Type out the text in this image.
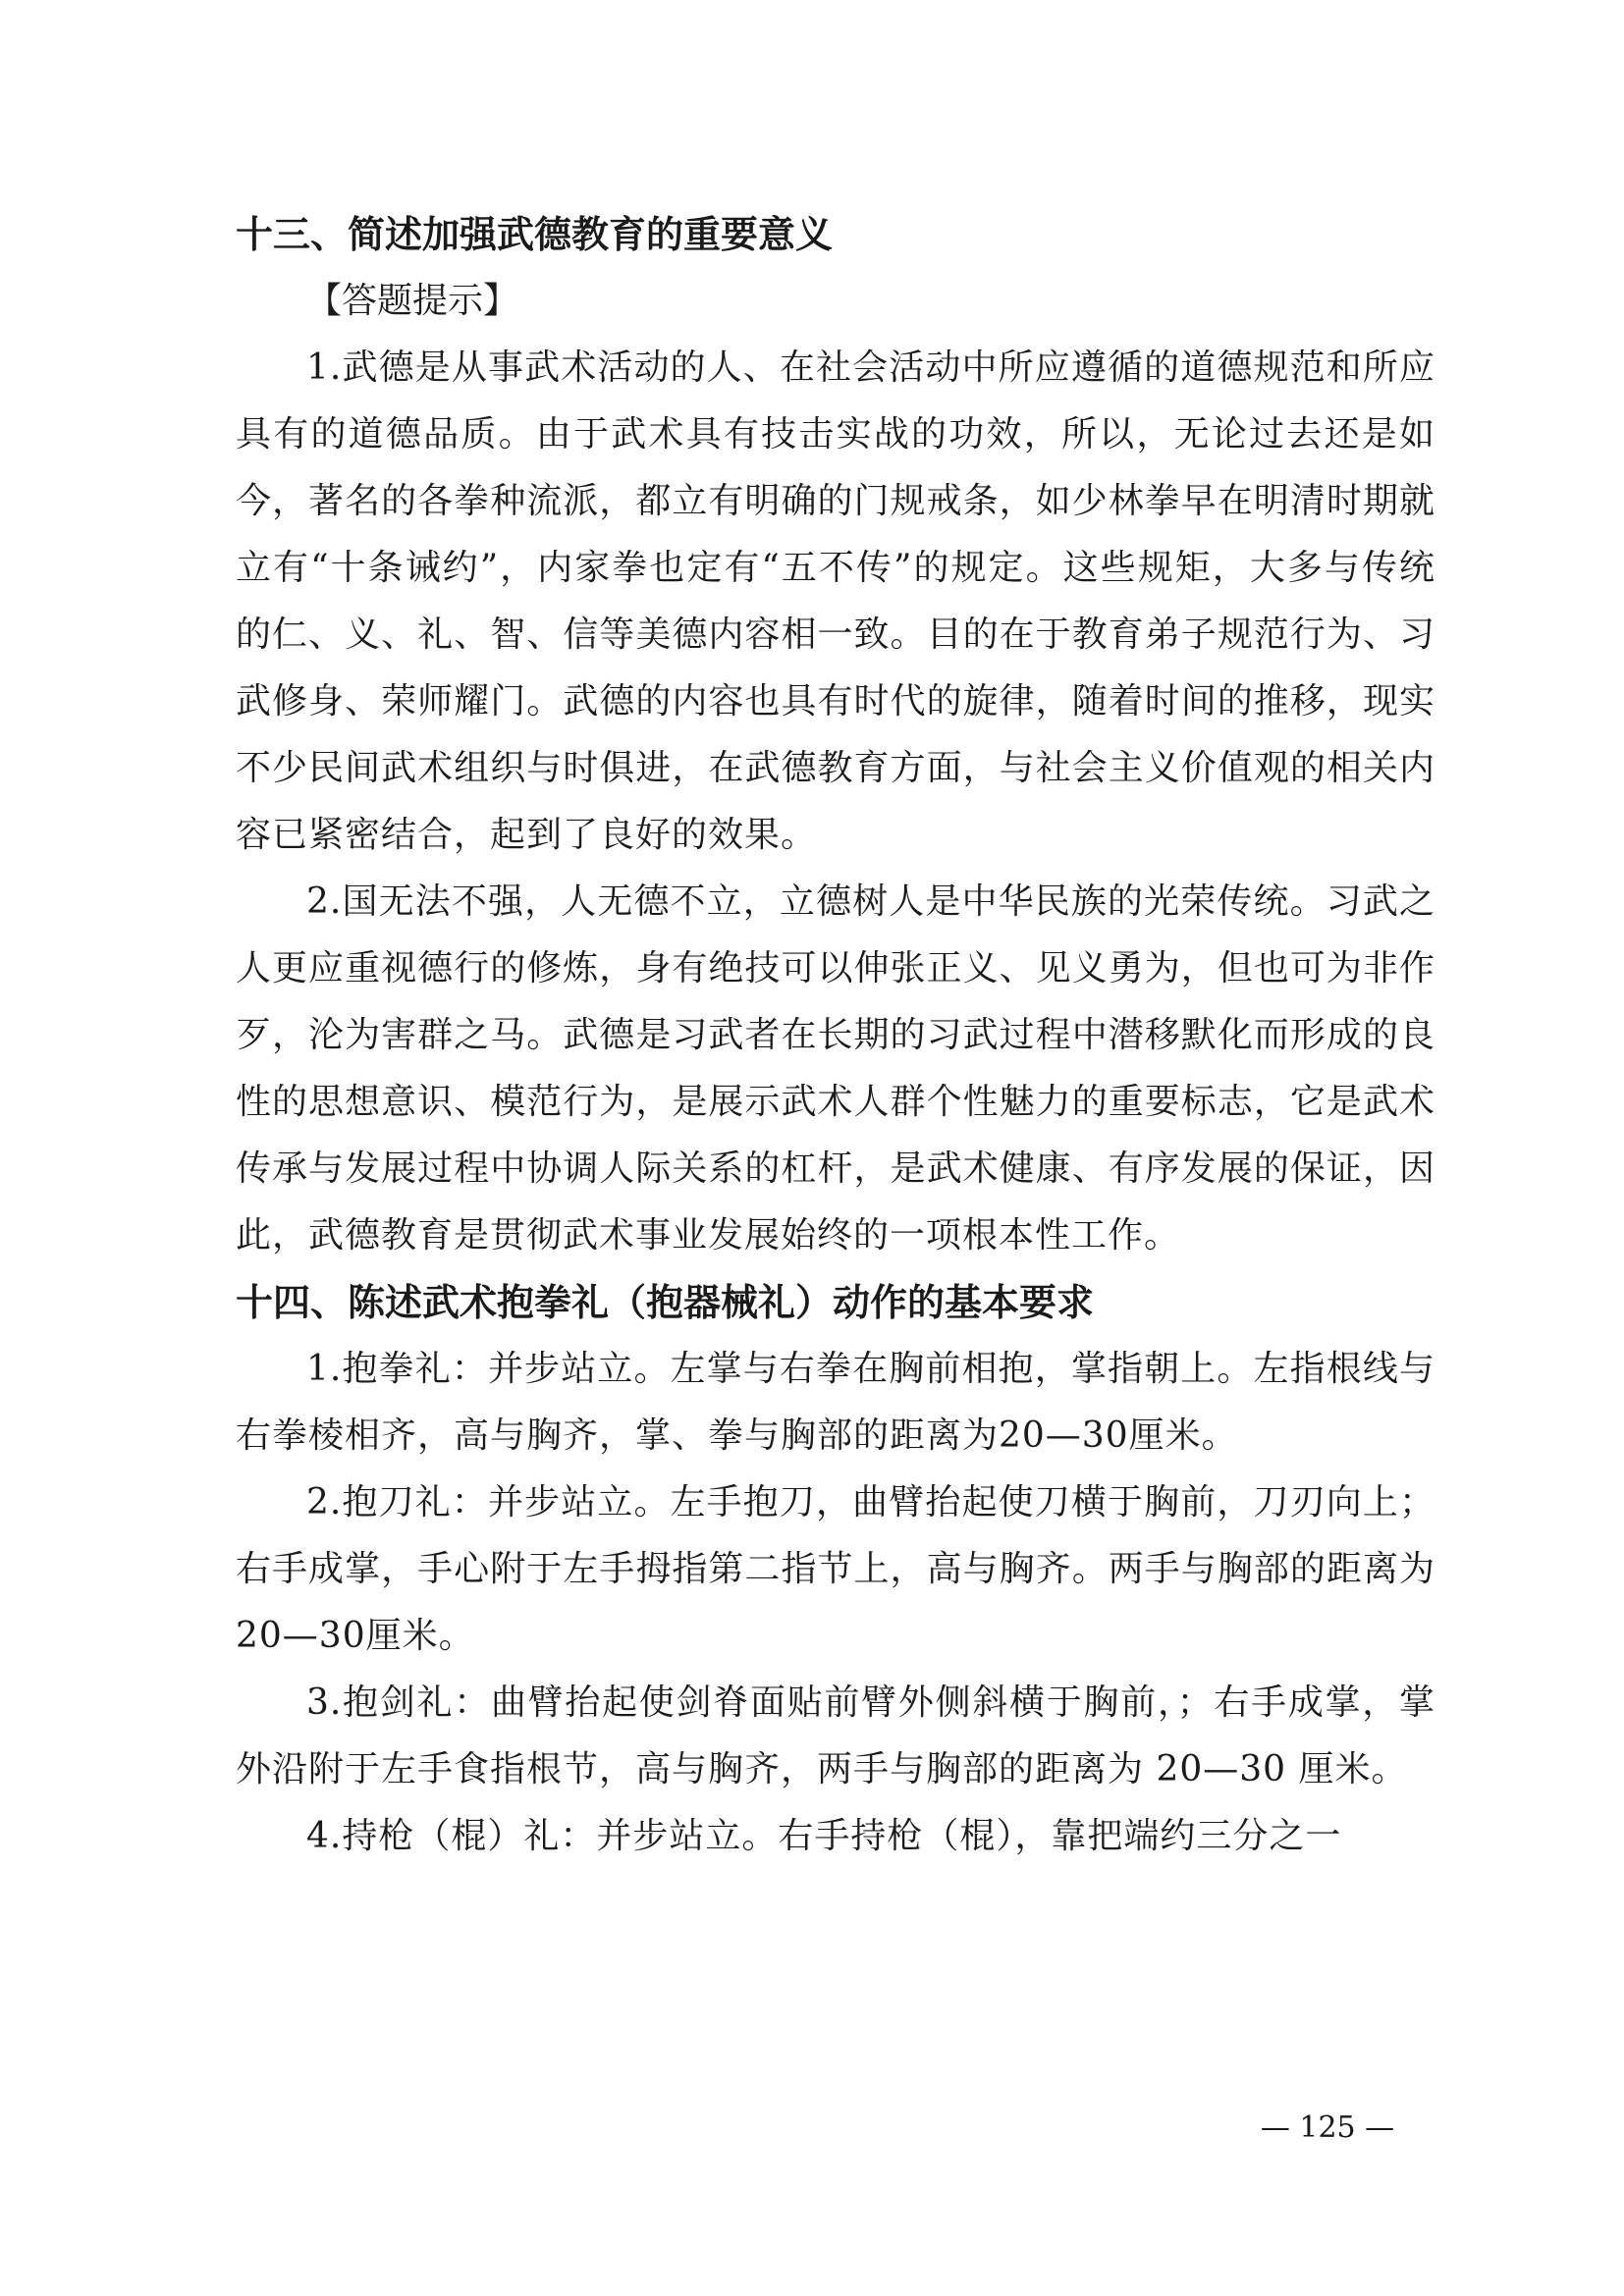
十三、简述加强武德教育的重要意义

【答题提示】

1.武德是从事武术活动的人、在社会活动中所应遵循的道德规范和所应具有的道德品质。由于武术具有技击实战的功效，所以，无论过去还是如今，著名的各拳种流派，都立有明确的门规戒条，如少林拳早在明清时期就立有“十条诫约”，内家拳也定有“五不传”的规定。这些规矩，大多与传统的仁、义、礼、智、信等美德内容相一致。目的在于教育弟子规范行为、习武修身、荣师耀门。武德的内容也具有时代的旋律，随着时间的推移，现实不少民间武术组织与时俱进，在武德教育方面，与社会主义价值观的相关内容已紧密结合，起到了良好的效果。

2.国无法不强，人无德不立，立德树人是中华民族的光荣传统。习武之人更应重视德行的修炼，身有绝技可以伸张正义、见义勇为，但也可为非作歹，沦为害群之马。武德是习武者在长期的习武过程中潜移默化而形成的良性的思想意识、模范行为，是展示武术人群个性魅力的重要标志，它是武术传承与发展过程中协调人际关系的杠杆，是武术健康、有序发展的保证，因此，武德教育是贯彻武术事业发展始终的一项根本性工作。

十四、陈述武术抱拳礼（抱器械礼）动作的基本要求

1.抱拳礼：并步站立。左掌与右拳在胸前相抱，掌指朝上。左指根线与右拳棱相齐，高与胸齐，掌、拳与胸部的距离为20—30厘米。

2.抱刀礼：并步站立。左手抱刀，曲臂抬起使刀横于胸前，刀刃向上；右手成掌，手心附于左手拇指第二指节上，高与胸齐。两手与胸部的距离为20—30厘米。

3.抱剑礼：曲臂抬起使剑脊面贴前臂外侧斜横于胸前，；右手成掌，掌外沿附于左手食指根节，高与胸齐，两手与胸部的距离为 20—30 厘米。

4.持枪（棍）礼：并步站立。右手持枪（棍），靠把端约三分之一

— 125 —
